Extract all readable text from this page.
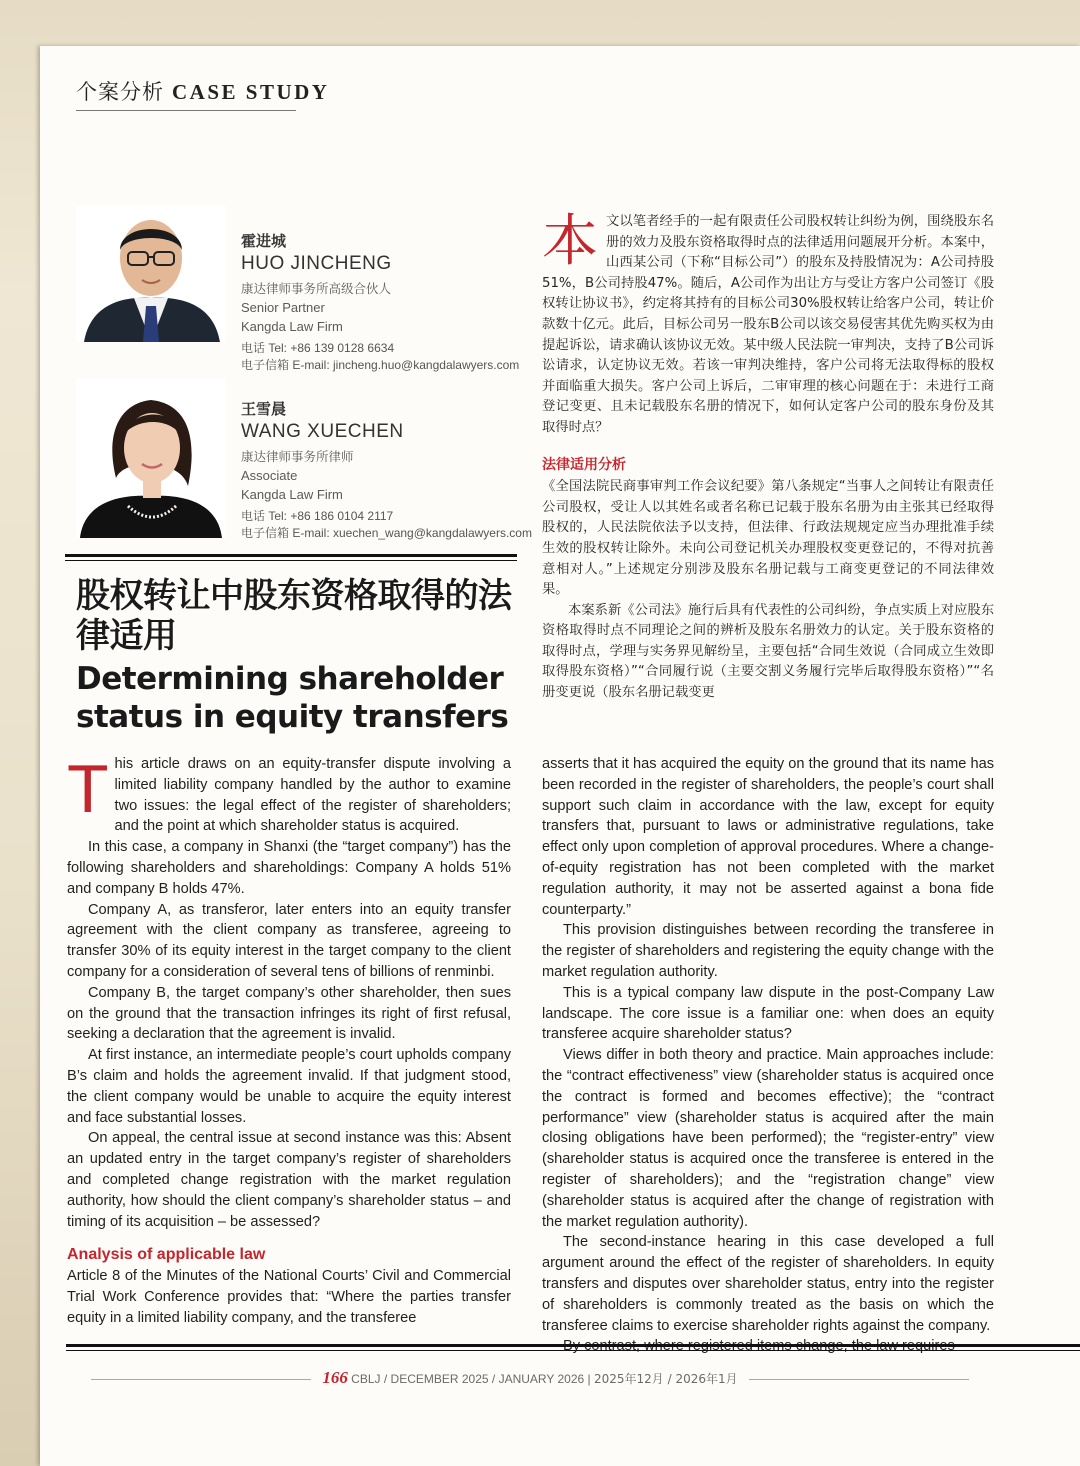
个案分析 CASE STUDY
霍进城
HUO JINCHENG
康达律师事务所高级合伙人
Senior Partner
Kangda Law Firm
电话 Tel: +86 139 0128 6634
电子信箱 E-mail: jincheng.huo@kangdalawyers.com
王雪晨
WANG XUECHEN
康达律师事务所律师
Associate
Kangda Law Firm
电话 Tel: +86 186 0104 2117
电子信箱 E-mail: xuechen_wang@kangdalawyers.com
股权转让中股东资格取得的法律适用
Determining shareholder status in equity transfers

本文以笔者经手的一起有限责任公司股权转让纠纷为例，围绕股东名册的效力及股东资格取得时点的法律适用问题展开分析。本案中，山西某公司（下称“目标公司”）的股东及持股情况为：A公司持股51%，B公司持股47%。随后，A公司作为出让方与受让方客户公司签订《股权转让协议书》，约定将其持有的目标公司30%股权转让给客户公司，转让价款数十亿元。此后，目标公司另一股东B公司以该交易侵害其优先购买权为由提起诉讼，请求确认该协议无效。某中级人民法院一审判决，支持了B公司诉讼请求，认定协议无效。若该一审判决维持，客户公司将无法取得标的股权并面临重大损失。客户公司上诉后，二审审理的核心问题在于：未进行工商登记变更、且未记载股东名册的情况下，如何认定客户公司的股东身份及其取得时点？

法律适用分析

《全国法院民商事审判工作会议纪要》第八条规定“当事人之间转让有限责任公司股权，受让人以其姓名或者名称已记载于股东名册为由主张其已经取得股权的，人民法院依法予以支持，但法律、行政法规规定应当办理批准手续生效的股权转让除外。未向公司登记机关办理股权变更登记的，不得对抗善意相对人。”上述规定分别涉及股东名册记载与工商变更登记的不同法律效果。

本案系新《公司法》施行后具有代表性的公司纠纷，争点实质上对应股东资格取得时点不同理论之间的辨析及股东名册效力的认定。关于股东资格的取得时点，学理与实务界见解纷呈，主要包括“合同生效说（合同成立生效即取得股东资格）”“合同履行说（主要交割义务履行完毕后取得股东资格）”“名册变更说（股东名册记载变更

This article draws on an equity-transfer dispute involving a limited liability company handled by the author to examine two issues: the legal effect of the register of shareholders; and the point at which shareholder status is acquired.

In this case, a company in Shanxi (the “target company”) has the following shareholders and shareholdings: Company A holds 51% and company B holds 47%.

Company A, as transferor, later enters into an equity transfer agreement with the client company as transferee, agreeing to transfer 30% of its equity interest in the target company to the client company for a consideration of several tens of billions of renminbi.

Company B, the target company’s other shareholder, then sues on the ground that the transaction infringes its right of first refusal, seeking a declaration that the agreement is invalid.

At first instance, an intermediate people’s court upholds company B’s claim and holds the agreement invalid. If that judgment stood, the client company would be unable to acquire the equity interest and face substantial losses.

On appeal, the central issue at second instance was this: Absent an updated entry in the target company’s register of shareholders and completed change registration with the market regulation authority, how should the client company’s shareholder status – and timing of its acquisition – be assessed?

Analysis of applicable law

Article 8 of the Minutes of the National Courts’ Civil and Commercial Trial Work Conference provides that: “Where the parties transfer equity in a limited liability company, and the transferee

asserts that it has acquired the equity on the ground that its name has been recorded in the register of shareholders, the people’s court shall support such claim in accordance with the law, except for equity transfers that, pursuant to laws or administrative regulations, take effect only upon completion of approval procedures. Where a change-of-equity registration has not been completed with the market regulation authority, it may not be asserted against a bona fide counterparty.”

This provision distinguishes between recording the transferee in the register of shareholders and registering the equity change with the market regulation authority.

This is a typical company law dispute in the post-Company Law landscape. The core issue is a familiar one: when does an equity transferee acquire shareholder status?

Views differ in both theory and practice. Main approaches include: the “contract effectiveness” view (shareholder status is acquired once the contract is formed and becomes effective); the “contract performance” view (shareholder status is acquired after the main closing obligations have been performed); the “register-entry” view (shareholder status is acquired once the transferee is entered in the register of shareholders); and the “registration change” view (shareholder status is acquired after the change of registration with the market regulation authority).

The second-instance hearing in this case developed a full argument around the effect of the register of shareholders. In equity transfers and disputes over shareholder status, entry into the register of shareholders is commonly treated as the basis on which the transferee claims to exercise shareholder rights against the company.

By contrast, where registered items change, the law requires

166 CBLJ / DECEMBER 2025 / JANUARY 2026 | 2025年12月 / 2026年1月
